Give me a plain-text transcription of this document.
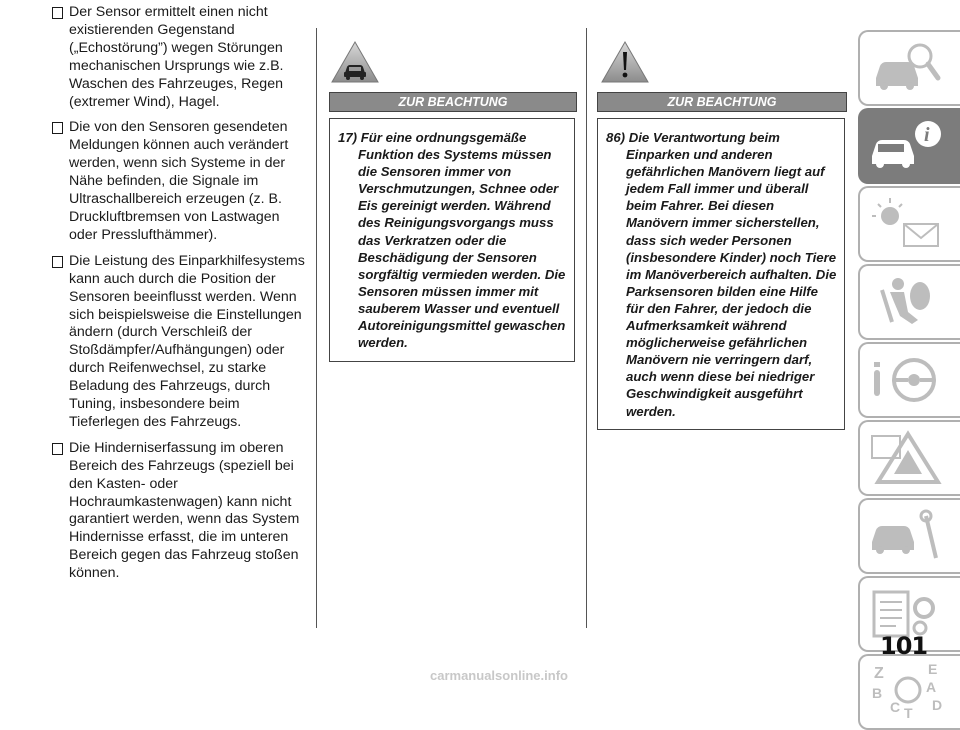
Der Sensor ermittelt einen nicht existierenden Gegenstand („Echostörung”) wegen Störungen mechanischen Ursprungs wie z.B. Waschen des Fahrzeuges, Regen (extremer Wind), Hagel.
Die von den Sensoren gesendeten Meldungen können auch verändert werden, wenn sich Systeme in der Nähe befinden, die Signale im Ultraschallbereich erzeugen (z. B. Druckluftbremsen von Lastwagen oder Presslufthämmer).
Die Leistung des Einparkhilfesystems kann auch durch die Position der Sensoren beeinflusst werden. Wenn sich beispielsweise die Einstellungen ändern (durch Verschleiß der Stoßdämpfer/Aufhängungen) oder durch Reifenwechsel, zu starke Beladung des Fahrzeugs, durch Tuning, insbesondere beim Tieferlegen des Fahrzeugs.
Die Hinderniserfassung im oberen Bereich des Fahrzeugs (speziell bei den Kasten- oder Hochraumkastenwagen) kann nicht garantiert werden, wenn das System Hindernisse erfasst, die im unteren Bereich gegen das Fahrzeug stoßen können.
ZUR BEACHTUNG

17) Für eine ordnungsgemäße Funktion des Systems müssen die Sensoren immer von Verschmutzungen, Schnee oder Eis gereinigt werden. Während des Reinigungsvorgangs muss das Verkratzen oder die Beschädigung der Sensoren sorgfältig vermieden werden. Die Sensoren müssen immer mit sauberem Wasser und eventuell Autoreinigungsmittel gewaschen werden.

ZUR BEACHTUNG

86) Die Verantwortung beim Einparken und anderen gefährlichen Manövern liegt auf jedem Fall immer und überall beim Fahrer. Bei diesen Manövern immer sicherstellen, dass sich weder Personen (insbesondere Kinder) noch Tiere im Manöverbereich aufhalten. Die Parksensoren bilden eine Hilfe für den Fahrer, der jedoch die Aufmerksamkeit während möglicherweise gefährlichen Manövern nie verringern darf, auch wenn diese bei niedriger Geschwindigkeit ausgeführt werden.

i
Z	E
B	A
C D
T
101
carmanualsonline.info
